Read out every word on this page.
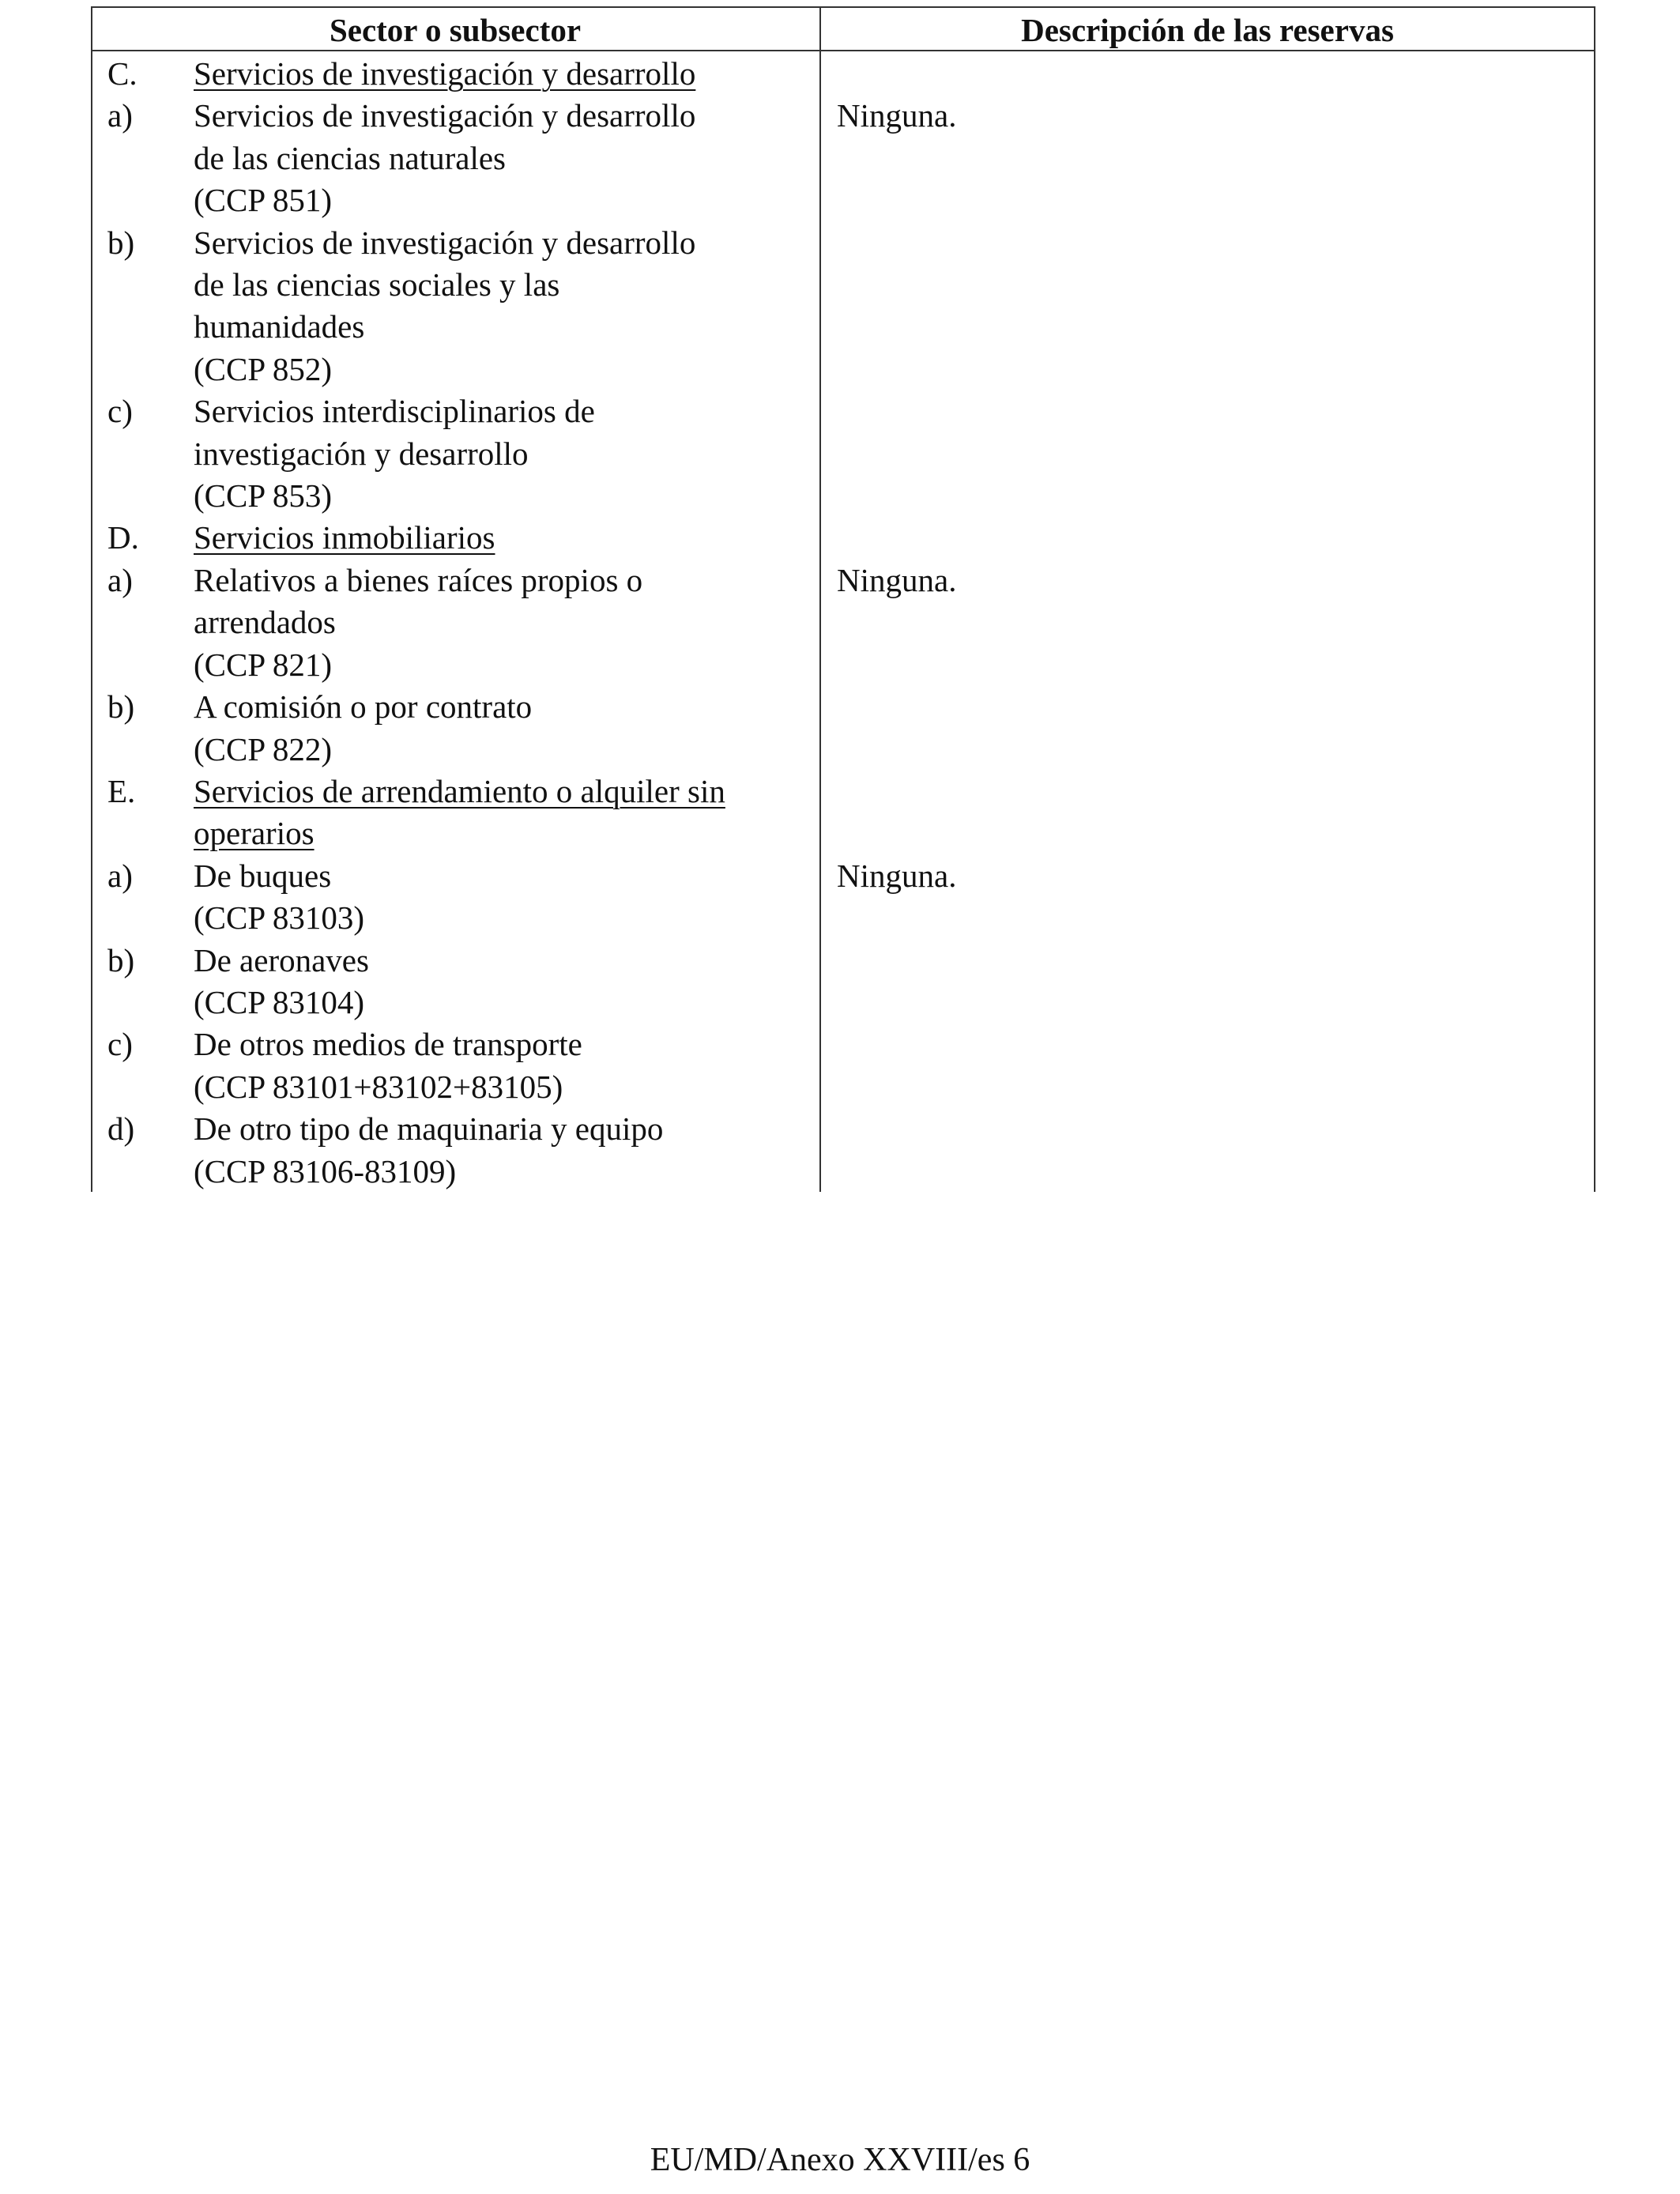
Sector o subsector	Descripción de las reservas
C. Servicios de investigación y desarrollo
a) Servicios de investigación y desarrollo
de las ciencias naturales
(CCP 851)
Ninguna.
b) Servicios de investigación y desarrollo
de las ciencias sociales y las
humanidades
(CCP 852)
c) Servicios interdisciplinarios de
investigación y desarrollo
(CCP 853)
D. Servicios inmobiliarios
a) Relativos a bienes raíces propios o
arrendados
(CCP 821)
Ninguna.
b) A comisión o por contrato
(CCP 822)
E. Servicios de arrendamiento o alquiler sin
operarios
a) De buques
(CCP 83103)
Ninguna.
b) De aeronaves
(CCP 83104)
c) De otros medios de transporte
(CCP 83101+83102+83105)
d) De otro tipo de maquinaria y equipo
(CCP 83106-83109)
EU/MD/Anexo XXVIII/es 6
